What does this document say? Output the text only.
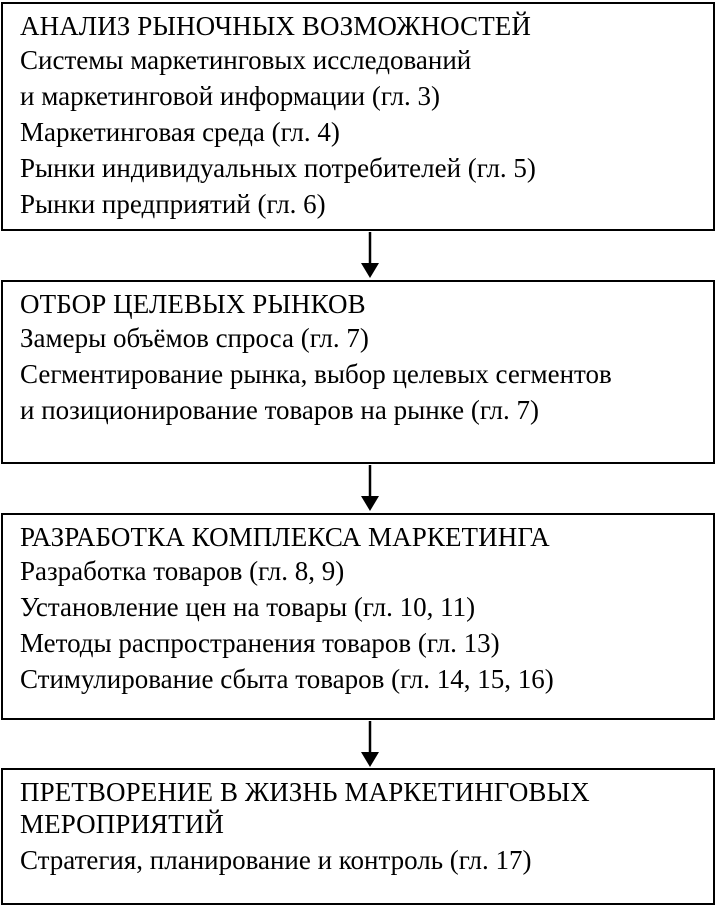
АНАЛИЗ РЫНОЧНЫХ ВОЗМОЖНОСТЕЙ
Системы маркетинговых исследований
и маркетинговой информации (гл. 3)
Маркетинговая среда (гл. 4)
Рынки индивидуальных потребителей (гл. 5)
Рынки предприятий (гл. 6)
ОТБОР ЦЕЛЕВЫХ РЫНКОВ
Замеры объёмов спроса (гл. 7)
Сегментирование рынка, выбор целевых сегментов
и позиционирование товаров на рынке (гл. 7)
РАЗРАБОТКА КОМПЛЕКСА МАРКЕТИНГА
Разработка товаров (гл. 8, 9)
Установление цен на товары (гл. 10, 11)
Методы распространения товаров (гл. 13)
Стимулирование сбыта товаров (гл. 14, 15, 16)
ПРЕТВОРЕНИЕ В ЖИЗНЬ МАРКЕТИНГОВЫХ
МЕРОПРИЯТИЙ
Стратегия, планирование и контроль (гл. 17)
